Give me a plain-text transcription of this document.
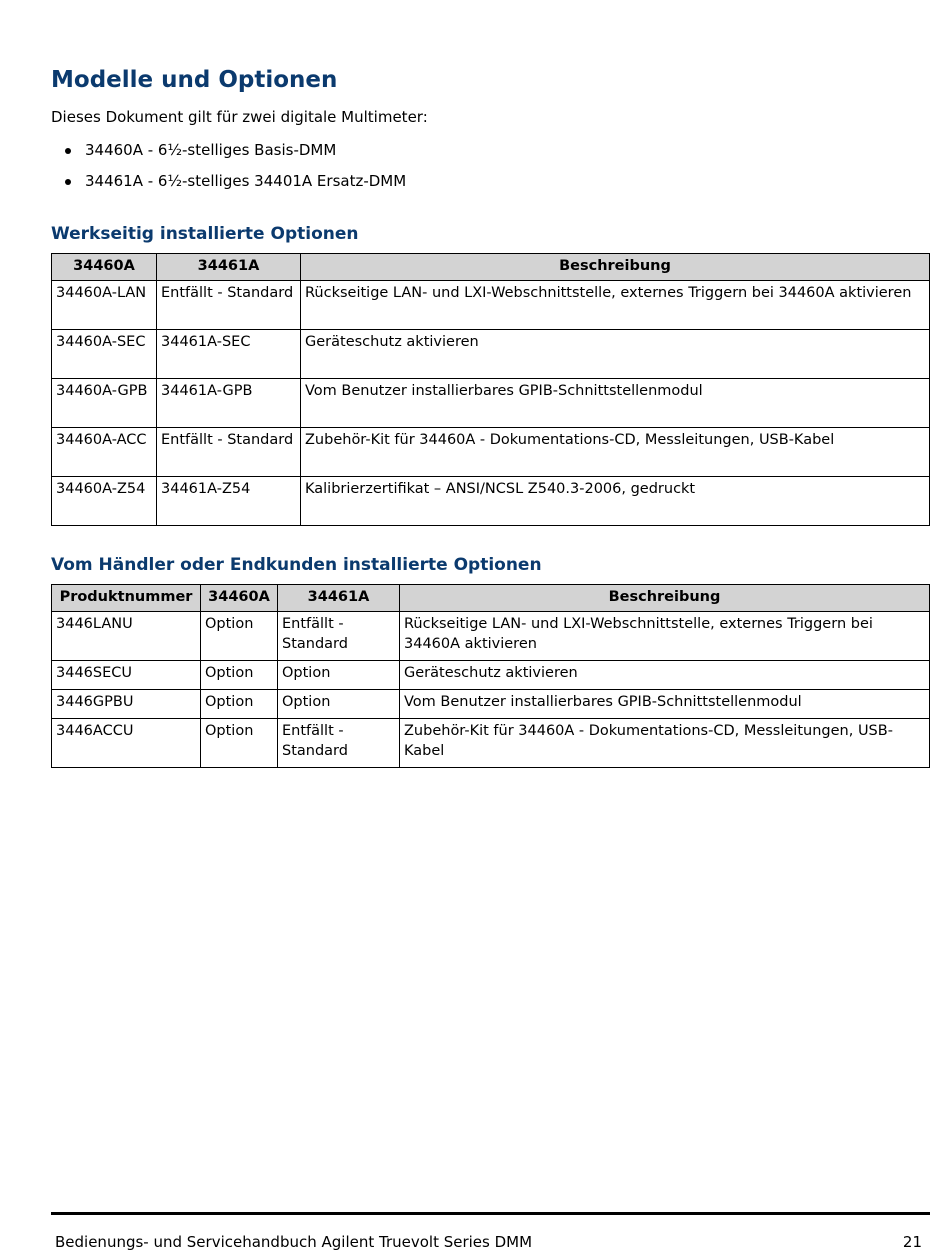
Modelle und Optionen

Dieses Dokument gilt für zwei digitale Multimeter:

34460A - 6½-stelliges Basis-DMM
34461A - 6½-stelliges 34401A Ersatz-DMM
Werkseitig installierte Optionen
34460A	34461A	Beschreibung
34460A-LAN	Entfällt - Standard	Rückseitige LAN- und LXI-Webschnittstelle, externes Triggern bei 34460A aktivieren
34460A-SEC	34461A-SEC	Geräteschutz aktivieren
34460A-GPB	34461A-GPB	Vom Benutzer installierbares GPIB-Schnittstellenmodul
34460A-ACC	Entfällt - Standard	Zubehör-Kit für 34460A - Dokumentations-CD, Messleitungen, USB-Kabel
34460A-Z54	34461A-Z54	Kalibrierzertifikat – ANSI/NCSL Z540.3-2006, gedruckt
Vom Händler oder Endkunden installierte Optionen
Produktnummer	34460A	34461A	Beschreibung
3446LANU	Option	Entfällt - Standard	Rückseitige LAN- und LXI-Webschnittstelle, externes Triggern bei 34460A aktivieren
3446SECU	Option	Option	Geräteschutz aktivieren
3446GPBU	Option	Option	Vom Benutzer installierbares GPIB-Schnittstellenmodul
3446ACCU	Option	Entfällt - Standard	Zubehör-Kit für 34460A - Dokumentations-CD, Messleitungen, USB-Kabel
Bedienungs- und Servicehandbuch Agilent Truevolt Series DMM	21
